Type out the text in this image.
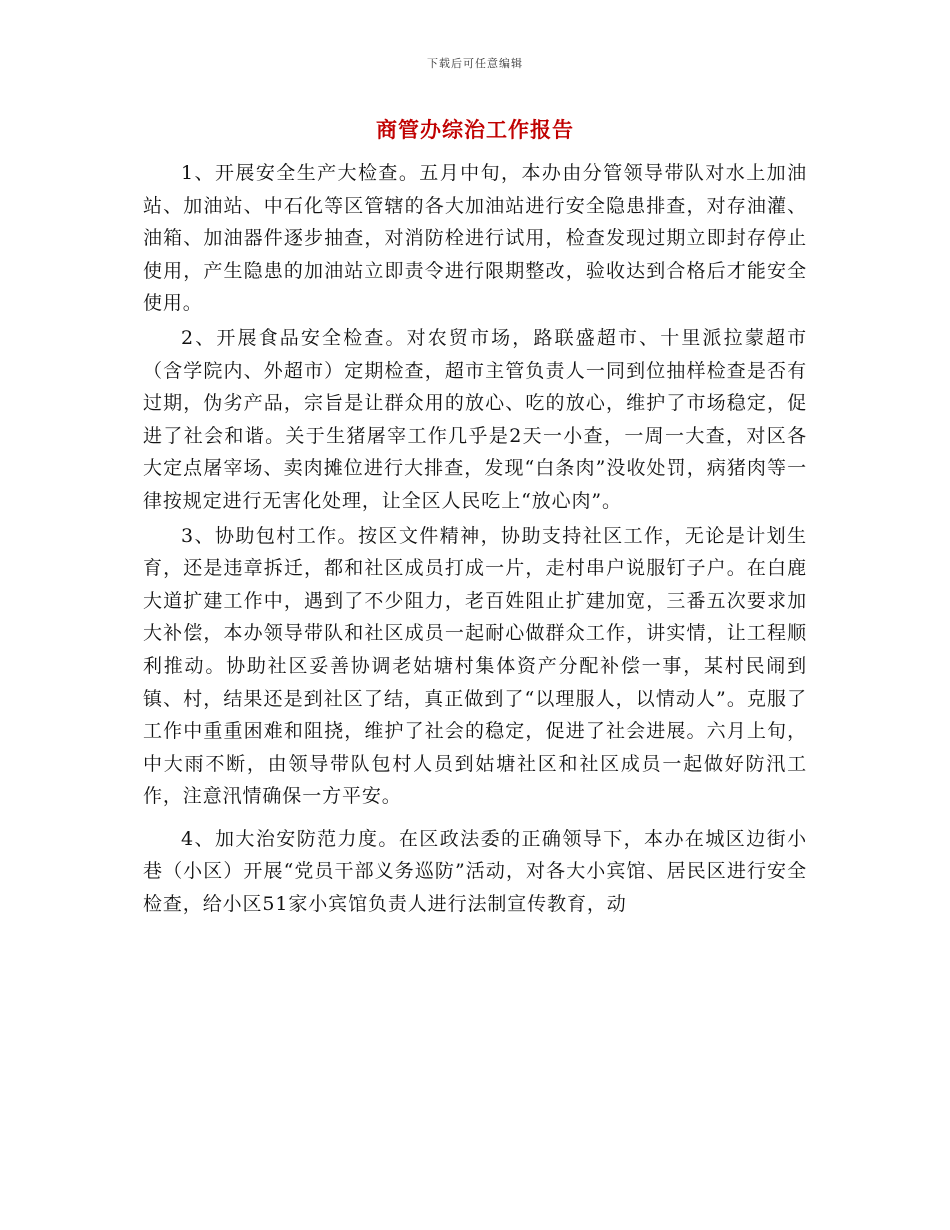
下载后可任意编辑
商管办综治工作报告

1、开展安全生产大检查。五月中旬，本办由分管领导带队对水上加油站、加油站、中石化等区管辖的各大加油站进行安全隐患排查，对存油灌、油箱、加油器件逐步抽查，对消防栓进行试用，检查发现过期立即封存停止使用，产生隐患的加油站立即责令进行限期整改，验收达到合格后才能安全使用。

2、开展食品安全检查。对农贸市场，路联盛超市、十里派拉蒙超市（含学院内、外超市）定期检查，超市主管负责人一同到位抽样检查是否有过期，伪劣产品，宗旨是让群众用的放心、吃的放心，维护了市场稳定，促进了社会和谐。关于生猪屠宰工作几乎是2天一小查，一周一大查，对区各大定点屠宰场、卖肉摊位进行大排查，发现“白条肉”没收处罚，病猪肉等一律按规定进行无害化处理，让全区人民吃上“放心肉”。

3、协助包村工作。按区文件精神，协助支持社区工作，无论是计划生育，还是违章拆迁，都和社区成员打成一片，走村串户说服钉子户。在白鹿大道扩建工作中，遇到了不少阻力，老百姓阻止扩建加宽，三番五次要求加大补偿，本办领导带队和社区成员一起耐心做群众工作，讲实情，让工程顺利推动。协助社区妥善协调老姑塘村集体资产分配补偿一事，某村民闹到镇、村，结果还是到社区了结，真正做到了“以理服人，以情动人”。克服了工作中重重困难和阻挠，维护了社会的稳定，促进了社会进展。六月上旬，中大雨不断，由领导带队包村人员到姑塘社区和社区成员一起做好防汛工作，注意汛情确保一方平安。

4、加大治安防范力度。在区政法委的正确领导下，本办在城区边街小巷（小区）开展“党员干部义务巡防”活动，对各大小宾馆、居民区进行安全检查，给小区51家小宾馆负责人进行法制宣传教育，动
